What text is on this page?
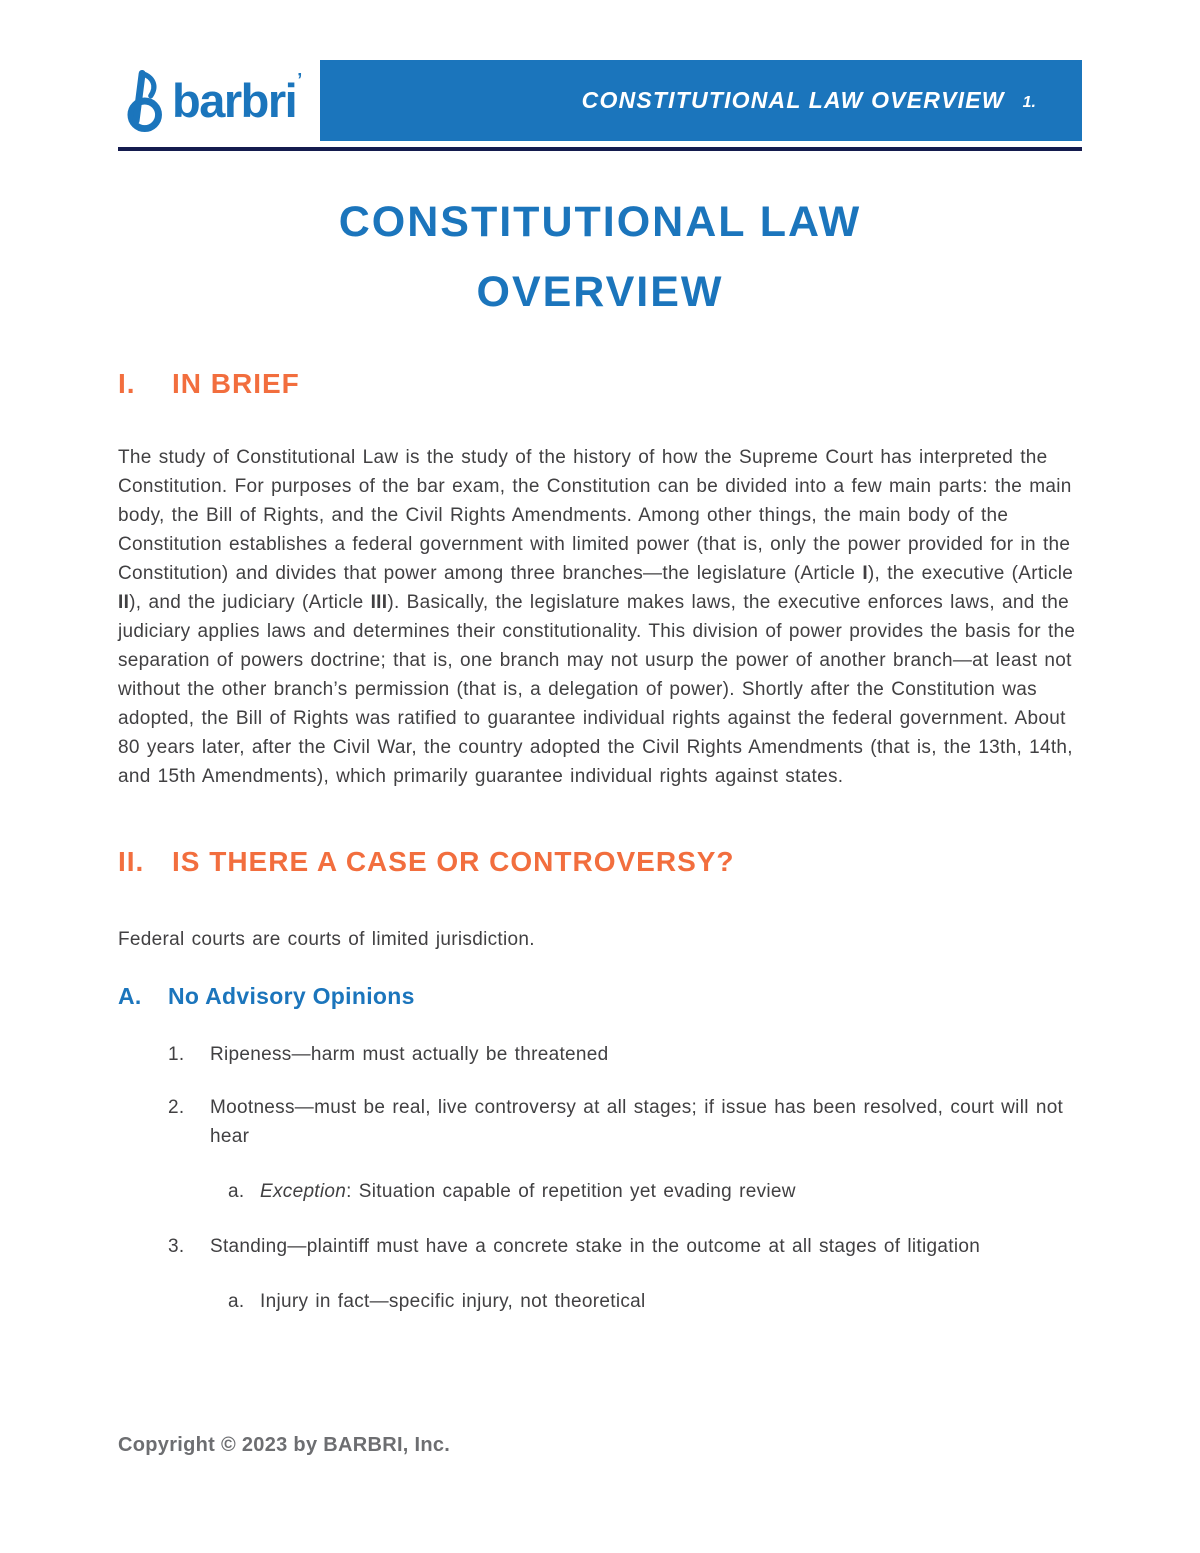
barbri ’
CONSTITUTIONAL LAW OVERVIEW 1.
CONSTITUTIONAL LAW
OVERVIEW
I.	IN BRIEF

The study of Constitutional Law is the study of the history of how the Supreme Court has interpreted the Constitution. For purposes of the bar exam, the Constitution can be divided into a few main parts: the main body, the Bill of Rights, and the Civil Rights Amendments. Among other things, the main body of the Constitution establishes a federal government with limited power (that is, only the power provided for in the Constitution) and divides that power among three branches—the legislature (Article I), the executive (Article II), and the judiciary (Article III). Basically, the legislature makes laws, the executive enforces laws, and the judiciary applies laws and determines their constitutionality. This division of power provides the basis for the separation of powers doctrine; that is, one branch may not usurp the power of another branch—at least not without the other branch’s permission (that is, a delegation of power). Shortly after the Constitution was adopted, the Bill of Rights was ratified to guarantee individual rights against the federal government. About 80 years later, after the Civil War, the country adopted the Civil Rights Amendments (that is, the 13th, 14th, and 15th Amendments), which primarily guarantee individual rights against states.

II. IS THERE A CASE OR CONTROVERSY?

Federal courts are courts of limited jurisdiction.

A.	No Advisory Opinions
1.	Ripeness—harm must actually be threatened
2.	Mootness—must be real, live controversy at all stages; if issue has been resolved, court will not hear
a. Exception: Situation capable of repetition yet evading review
3.	Standing—plaintiff must have a concrete stake in the outcome at all stages of litigation
a. Injury in fact—specific injury, not theoretical
Copyright © 2023 by BARBRI, Inc.
